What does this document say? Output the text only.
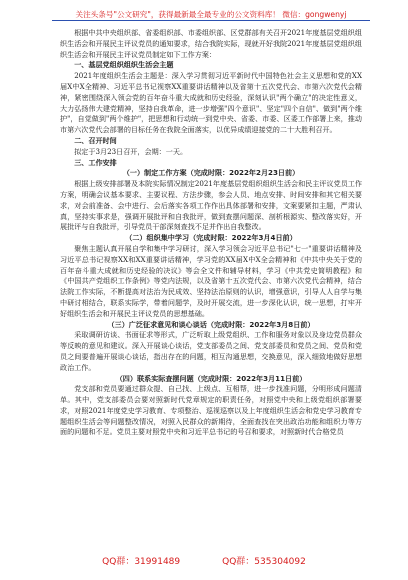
关注头条号"公文研究"，获得最新最全最专业的公文资料库！ 微信：gongwenyj

根据中共中央组织部、省委组织部、市委组织部、区党群部有关召开2021年度基层党组织组织生活会和开展民主评议党员的通知要求，结合我院实际，现就开好我院2021年度基层党组织组织生活会和开展民主评议党员制定如下工作方案：

一、基层党组织组织生活会主题

2021年度组织生活会主题是：深入学习贯彻习近平新时代中国特色社会主义思想和党的XX届X中X全精神、习近平总书记视察XX重要讲话精神以及省第十五次党代会、市第六次党代会精神，紧密围绕深入领会党的百年奋斗重大成就和历史经验，深刻认识"两个确立"的决定性意义，大力弘扬伟大建党精神，坚持自我革命，进一步增强"四个意识"、坚定"四个自信"、做到"两个维护"，自觉做到"两个维护"，把思想和行动统一到党中央、省委、市委、区委工作部署上来，推动市第六次党代会部署的目标任务在我院全面落实，以优异成绩迎接党的二十大胜利召开。

二、召开时间

拟定于3月23日召开，会期：一天。

三、工作安排

（一）制定工作方案（完成时限：2022年2月23日前）

根据上级安排部署及本院实际情况制定2021年度基层党组织组织生活会和民主评议党员工作方案，明确会议基本要求、主要议程、方法步骤，参会人员、地点安排、时间安排和其它相关要求，对会前准备、会中进行、会后落实各项工作作出具体部署和安排，文案要紧扣主题，严肃认真，坚持实事求是，强调开展批评和自我批评，做到查摆问题深、剖析根源实、整改落实好，开展批评与自我批评，引导党员干部深刻查找不足并作出自我整改。

（二）组织集中学习（完成时限：2022年3月4日前）

聚焦主题认真开展自学和集中学习研讨，深入学习领会习近平总书记"七一"重要讲话精神及习近平总书记视察XX和XX重要讲话精神，学习党的XX届X中X全会精神和《中共中央关于党的百年奋斗重大成就和历史经验的决议》等会全文件和辅导材料，学习《中共党史简明教程》和《中国共产党组织工作条例》等党内法规，以及省第十五次党代会、市第六次党代会精神，结合法院工作实际，不断提高对法治为民成效、坚持法治原则的认识，增强意识，引导人人自学与集中研讨相结合，联系实际学，带着问题学，及时开展交流，进一步深化认识，统一思想，打牢开好组织生活会和开展民主评议党员的思想基础。

（三）广泛征求意见和谈心谈话（完成时限：2022年3月8日前）

采取调研访谈、书面征求等形式，广泛听取上级党组织、工作和服务对象以及身边党员群众等反映的意见和建议。深入开展谈心谈话，党支部委员之间、党支部委员和党员之间、党员和党员之间要普遍开展谈心谈话，指出存在的问题，相互沟通思想，交换意见，深入细致地做好思想政治工作。

（四）联系实际查摆问题（完成时限：2022年3月11日前）

党支部和党员要通过群众提、自己找、上级点、互相帮，进一步找准问题，分明形成问题清单。其中，党支部委员会要对照新时代党章规定的职责任务，对照党中央和上级党组织部署要求，对照2021年度党史学习教育、专项整治、巡视巡察以及上年度组织生活会和党史学习教育专题组织生活会等问题整改情况，对照入民群众的新期待，全面查找在突出政治功能和组织力等方面的问题和不足。党员主要对照党中央和习近平总书记的号召和要求，对照新时代合格党员

QQ群：31991489	QQ群：535304092
